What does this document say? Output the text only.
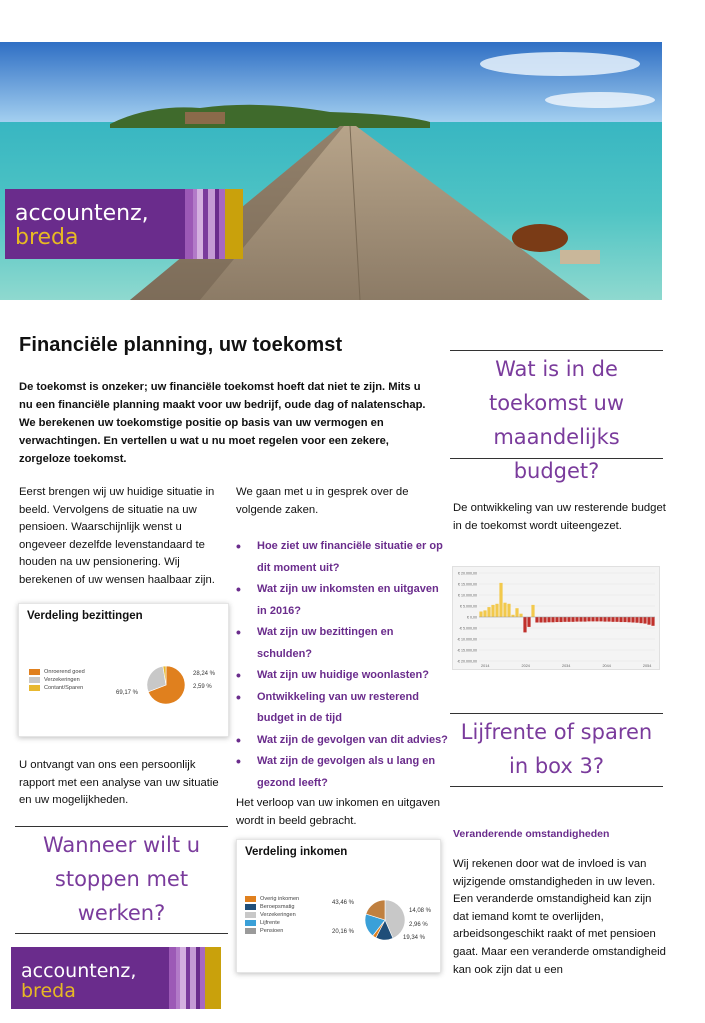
accountenz,
breda
Financiële planning, uw toekomst

De toekomst is onzeker; uw financiële toekomst hoeft dat niet te zijn. Mits u nu een financiële planning maakt voor uw bedrijf, oude dag of nalatenschap. We berekenen uw toekomstige positie op basis van uw vermogen en verwachtingen. En vertellen u wat u nu moet regelen voor een zekere, zorgeloze toekomst.

Eerst brengen wij uw huidige situatie in beeld. Vervolgens de situatie na uw pensioen. Waarschijnlijk wenst u ongeveer dezelfde levenstandaard te houden na uw pensionering. Wij berekenen of uw wensen haalbaar zijn.

Verdeling bezittingen
Onroerend goed
Verzekeringen
Contant/Sparen
69,17 %
28,24 %
2,59 %

U ontvangt van ons een persoonlijk rapport met een analyse van uw situatie en uw mogelijkheden.

Wanneer wilt u stoppen met werken?
accountenz,
breda

We gaan met u in gesprek over de volgende zaken.

• Hoe ziet uw financiële situatie er op dit moment uit?
• Wat zijn uw inkomsten en uitgaven in 2016?
• Wat zijn uw bezittingen en schulden?
• Wat zijn uw huidige woonlasten?
• Ontwikkeling van uw resterend budget in de tijd
• Wat zijn de gevolgen van dit advies?
• Wat zijn de gevolgen als u lang en gezond leeft?

Het verloop van uw inkomen en uitgaven wordt in beeld gebracht.

Verdeling inkomen
Overig inkomen
Beroepsmatig
Verzekeringen
Lijfrente
Pensioen
43,46 %
14,08 %
2,96 %
19,34 %
20,16 %
Wat is in de toekomst uw maandelijks budget?

De ontwikkeling van uw resterende budget in de toekomst wordt uiteengezet.

€ 20.000,00
€ 15.000,00
€ 10.000,00
€ 5.000,00
€ 0,00
-€ 5.000,00
-€ 10.000,00
-€ 15.000,00
-€ 20.000,00
2014	2024	2034	2044	2054
Lijfrente of sparen in box 3?
Veranderende omstandigheden

Wij rekenen door wat de invloed is van wijzigende omstandigheden in uw leven. Een veranderde omstandigheid kan zijn dat iemand komt te overlijden, arbeidsongeschikt raakt of met pensioen gaat. Maar een veranderde omstandigheid kan ook zijn dat u een
